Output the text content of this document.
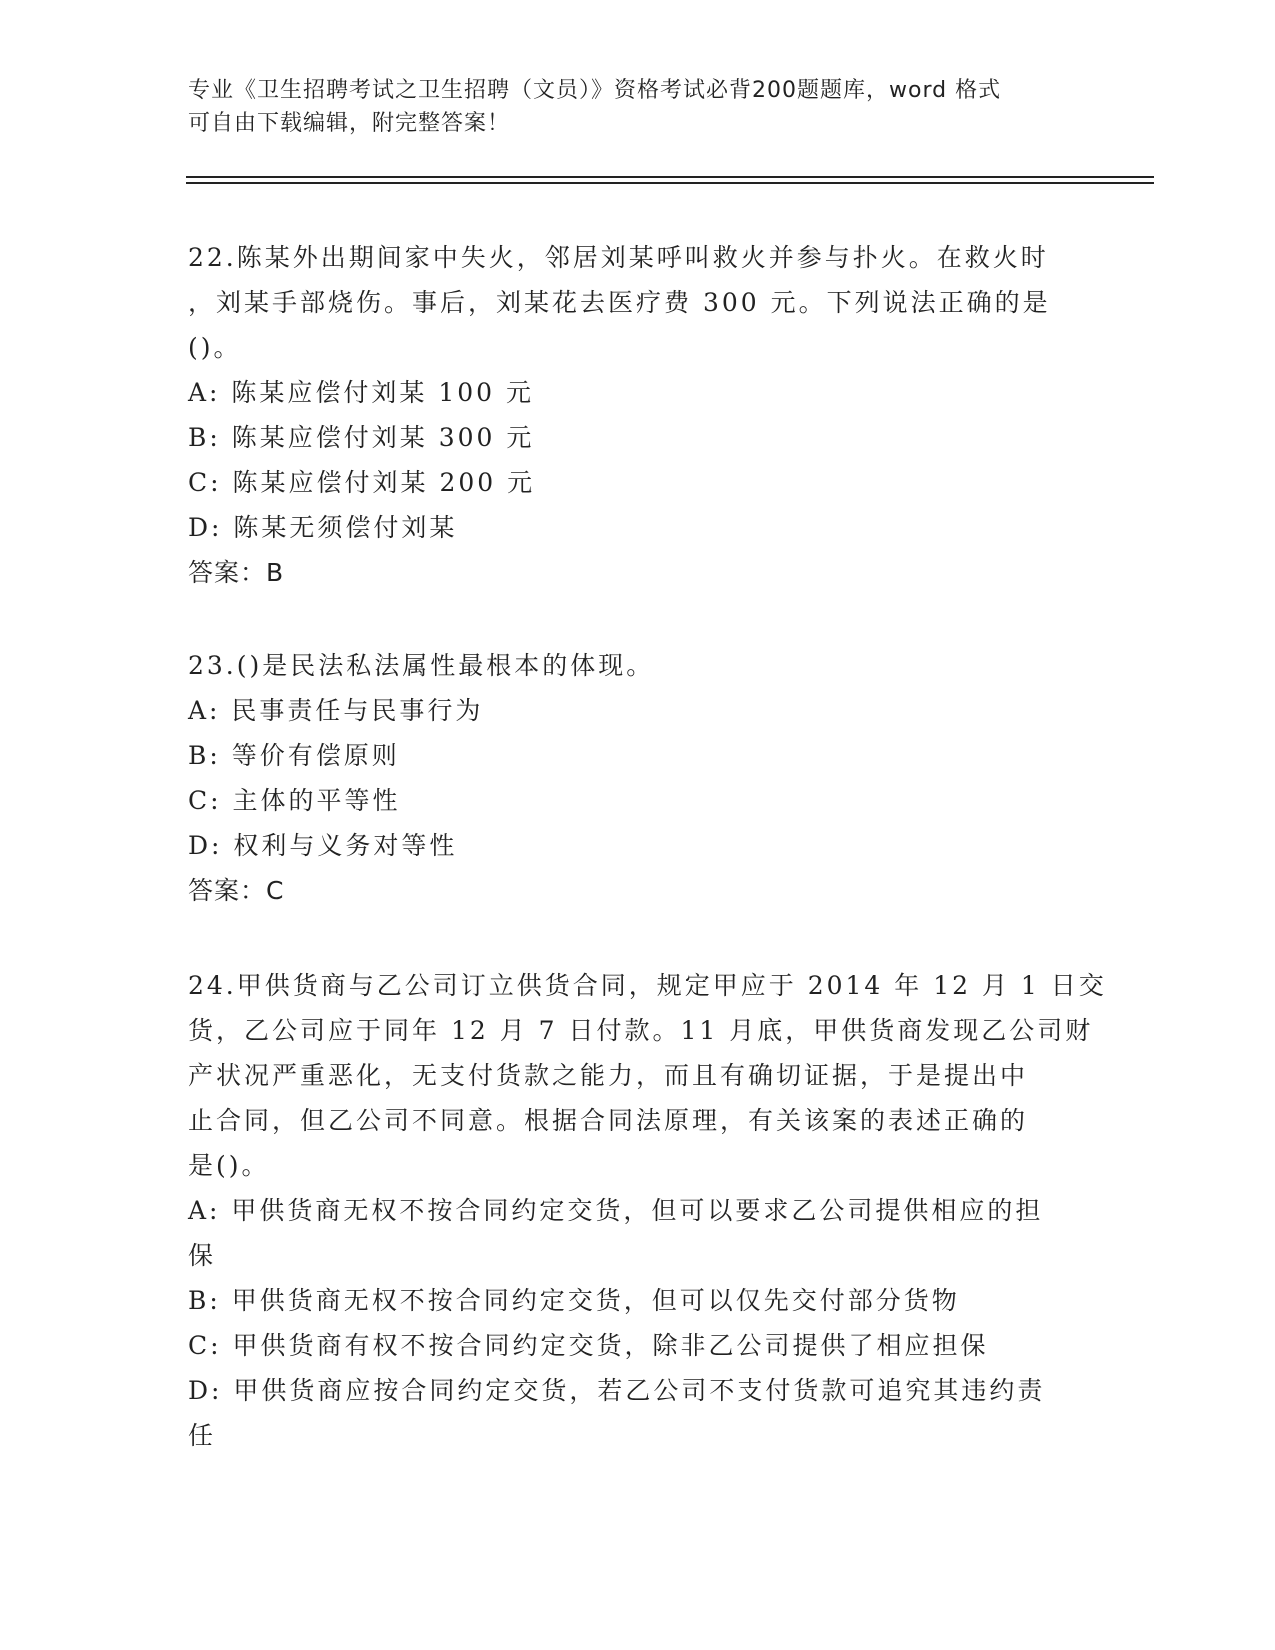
专业《卫生招聘考试之卫生招聘（文员）》资格考试必背200题题库，word 格式
可自由下载编辑，附完整答案！
22.陈某外出期间家中失火，邻居刘某呼叫救火并参与扑火。在救火时
，刘某手部烧伤。事后，刘某花去医疗费 300 元。下列说法正确的是
()。
A: 陈某应偿付刘某 100 元
B: 陈某应偿付刘某 300 元
C: 陈某应偿付刘某 200 元
D: 陈某无须偿付刘某
答案：B
23.()是民法私法属性最根本的体现。
A: 民事责任与民事行为
B: 等价有偿原则
C: 主体的平等性
D: 权利与义务对等性
答案：C
24.甲供货商与乙公司订立供货合同，规定甲应于 2014 年 12 月 1 日交
货，乙公司应于同年 12 月 7 日付款。11 月底，甲供货商发现乙公司财
产状况严重恶化，无支付货款之能力，而且有确切证据，于是提出中
止合同，但乙公司不同意。根据合同法原理，有关该案的表述正确的
是()。
A: 甲供货商无权不按合同约定交货，但可以要求乙公司提供相应的担
保
B: 甲供货商无权不按合同约定交货，但可以仅先交付部分货物
C: 甲供货商有权不按合同约定交货，除非乙公司提供了相应担保
D: 甲供货商应按合同约定交货，若乙公司不支付货款可追究其违约责
任
